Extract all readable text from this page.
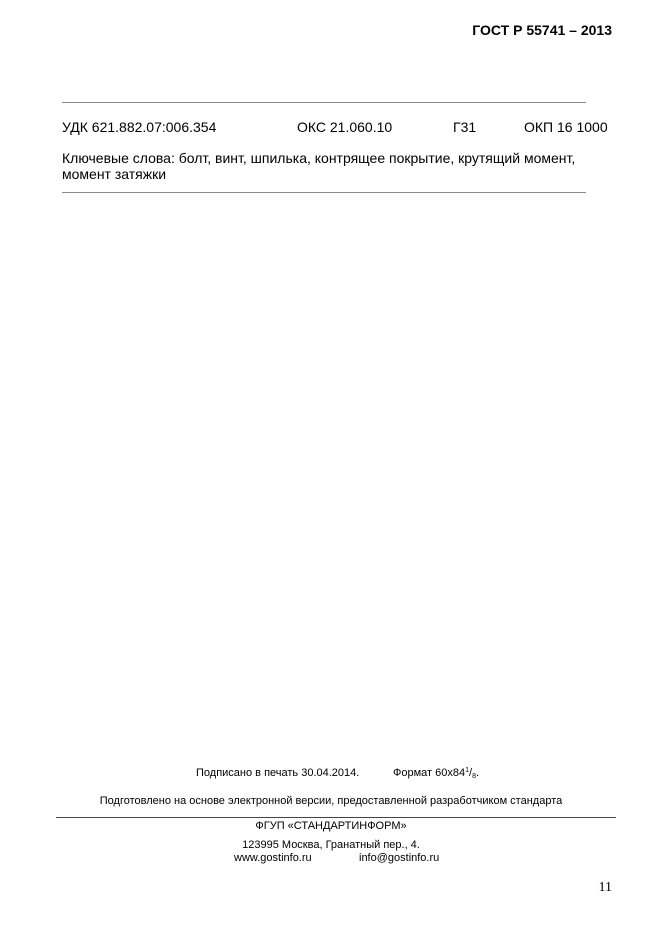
ГОСТ Р 55741 – 2013
УДК 621.882.07:006.354	ОКС 21.060.10	Г31	ОКП 16 1000
Ключевые слова: болт, винт, шпилька, контрящее покрытие, крутящий момент, момент затяжки
Подписано в печать 30.04.2014.	Формат $60х84^1/_8$.
Подготовлено на основе электронной версии, предоставленной разработчиком стандарта
ФГУП «СТАНДАРТИНФОРМ»
123995 Москва, Гранатный пер., 4.
www.gostinfo.ru	info@gostinfo.ru
11
